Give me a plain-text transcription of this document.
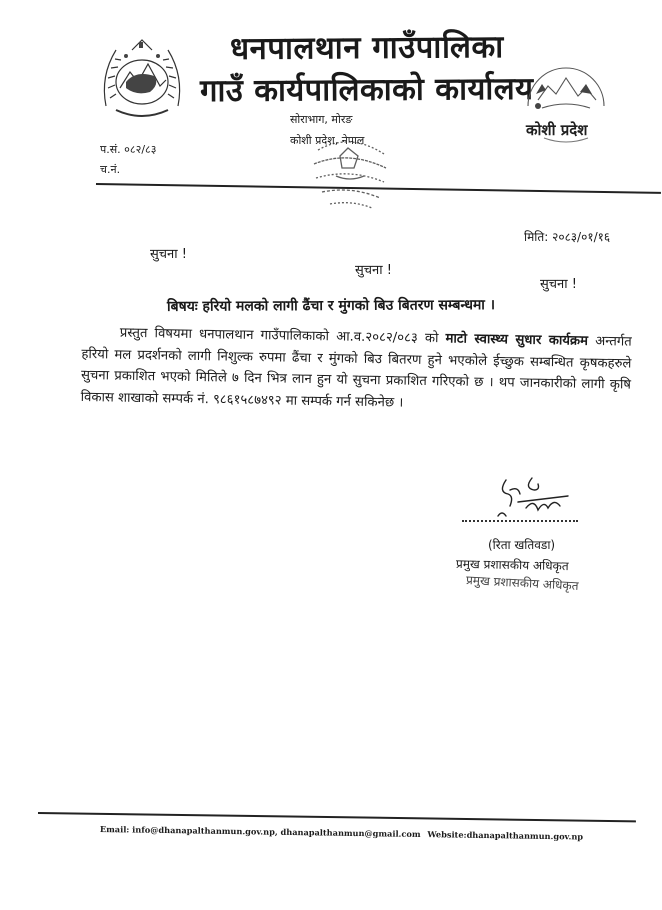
धनपालथान गाउँपालिका
गाउँ कार्यपालिकाको कार्यालय
कोशी प्रदेश
सोराभाग, मोरङ
कोशी प्रदेश, नेपाल
प.सं. ०८२/८३
च.नं.
मिति: २०८३/०१/१६
सुचना !
सुचना !
सुचना !
बिषयः हरियो मलको लागी ढैंचा र मुंगको बिउ बितरण सम्बन्धमा ।
प्रस्तुत विषयमा धनपालथान गाउँपालिकाको आ.व.२०८२/०८३ को माटो स्वास्थ्य सुधार कार्यक्रम अन्तर्गत हरियो मल प्रदर्शनको लागी निशुल्क रुपमा ढैंचा र मुंगको बिउ बितरण हुने भएकोले ईच्छुक सम्बन्धित कृषकहरुले सुचना प्रकाशित भएको मितिले ७ दिन भित्र लान हुन यो सुचना प्रकाशित गरिएको छ । थप जानकारीको लागी कृषि विकास शाखाको सम्पर्क नं. ९८६१५८७४९२ मा सम्पर्क गर्न सकिनेछ ।
(रिता खतिवडा)
प्रमुख प्रशासकीय अधिकृत
प्रमुख प्रशासकीय अधिकृत
Email: info@dhanapalthanmun.gov.np, dhanapalthanmun@gmail.com Website:dhanapalthanmun.gov.np
